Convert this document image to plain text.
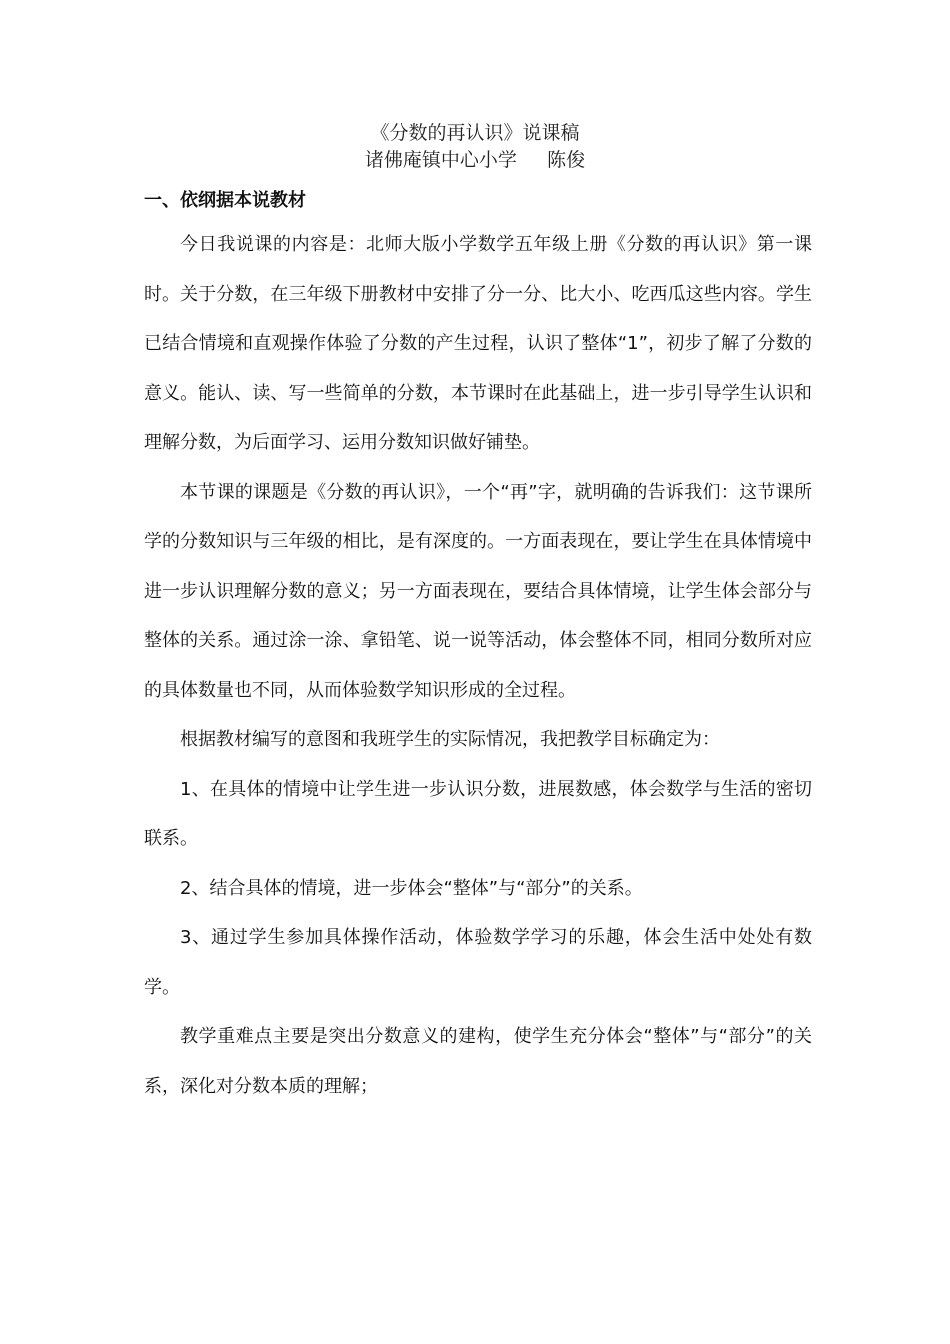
《分数的再认识》说课稿
诸佛庵镇中心小学     陈俊
一、依纲据本说教材

今日我说课的内容是：北师大版小学数学五年级上册《分数的再认识》第一课时。关于分数，在三年级下册教材中安排了分一分、比大小、吃西瓜这些内容。学生已结合情境和直观操作体验了分数的产生过程，认识了整体“1”，初步了解了分数的意义。能认、读、写一些简单的分数，本节课时在此基础上，进一步引导学生认识和理解分数，为后面学习、运用分数知识做好铺垫。

本节课的课题是《分数的再认识》，一个“再”字，就明确的告诉我们：这节课所学的分数知识与三年级的相比，是有深度的。一方面表现在，要让学生在具体情境中进一步认识理解分数的意义；另一方面表现在，要结合具体情境，让学生体会部分与整体的关系。通过涂一涂、拿铅笔、说一说等活动，体会整体不同，相同分数所对应的具体数量也不同，从而体验数学知识形成的全过程。

根据教材编写的意图和我班学生的实际情况，我把教学目标确定为：

1、在具体的情境中让学生进一步认识分数，进展数感，体会数学与生活的密切联系。

2、结合具体的情境，进一步体会“整体”与“部分”的关系。

3、通过学生参加具体操作活动，体验数学学习的乐趣，体会生活中处处有数学。

教学重难点主要是突出分数意义的建构，使学生充分体会“整体”与“部分”的关系，深化对分数本质的理解；
